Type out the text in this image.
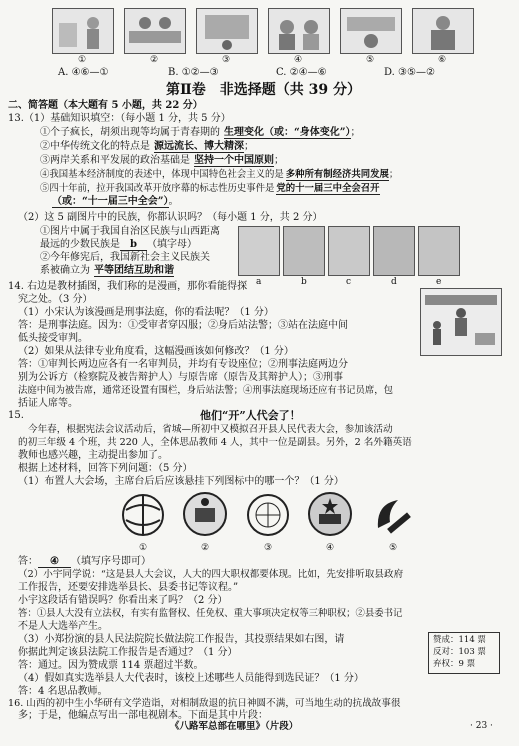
①	②	③	④	⑤	⑥
A. ④⑥—①	B. ①②—③	C. ②④—⑥	D. ③⑤—②
第Ⅱ卷　非选择题（共 39 分）
二、简答题（本大题有 5 小题，共 22 分）
13.（1）基础知识填空：（每小题 1 分，共 5 分）
①个子疯长，胡须出现等均属于青春期的 生理变化（或：“身体变化”）；
②中华传统文化的特点是 源远流长、博大精深；
③两岸关系和平发展的政治基础是 坚持一个中国原则；
④我国基本经济制度的表述中，体现中国特色社会主义的是 多种所有制经济共同发展；
⑤四十年前，拉开我国改革开放序幕的标志性历史事件是 党的十一届三中全会召开
（或：“十一届三中全会”）。
（2）这 5 副图片中的民族，你都认识吗？（每小题 1 分，共 2 分）
①图片中属于我国自治区民族与山西距离
最远的少数民族是 b （填字母）
②今年修宪后，我国新社会主义民族关
系被确立为 平等团结互助和谐
a	b	c	d	e
14. 右边是教材插图，我们称的是漫画，那你看能得探
究之处。（3 分）
（1）小宋认为该漫画是刑事法庭，你的看法呢？（1 分）
答：是刑事法庭。因为：①受审者穿囚服；②身后站法警；③站在法庭中间
低头接受审判。
（2）如果从法律专业角度看，这幅漫画该如何修改？（1 分）
答：①审判长两边应各有一名审判员，并均有专设座位；②刑事法庭两边分
别为公诉方（检察院及被告辩护人）与原告席（原告及其辩护人）；③刑事
法庭中间为被告席，通常还设置有围栏，身后站法警；④刑事法庭现场还应有书记员席，包
括证人席等。
15.	他们“开”人代会了！
今年春，根据宪法会议活动后，省城—所初中又模拟召开县人民代表大会，参加该活动
的初三年级 4 个班，共 220 人，全体思品教师 4 人，其中一位是副县。另外，2 名外籍英语
教师也感兴趣，主动提出参加了。
根据上述材料，回答下列问题：（5 分）
（1）布置人大会场，主席台后后应该悬挂下列图标中的哪一个？（1 分）
①	②	③	④	⑤
答： ④ （填写序号即可）
（2）小宇同学说：“这是县人大会议，人大的四大职权都要体现。比如，先安排听取县政府
工作报告，还要安排选举县长、县委书记等议程。”
小宇这段话有错误吗？你看出来了吗？（2 分）
答：①县人大没有立法权，有实有监督权、任免权、重大事项决定权等三种职权；②县委书记
不是人大选举产生。
（3）小郑扮演的县人民法院院长做法院工作报告，其投票结果如右图，请
你据此判定该县法院工作报告是否通过？（1 分）
答：通过。因为赞成票 114 票超过半数。
赞成：114 票
反对：103 票
弃权：9 票
（4）假如真实选举县人大代表时，该校上述哪些人员能得到选民证？（1 分）
答：4 名思品教师。
16. 山西的初中生小华研有文学造诣，对相制敌退的抗日神圆不满，可当地生动的抗战故事很
多；于是，他编点写出一部电视剧本。下面是其中片段：
《八路军总部在哪里》（片段）	· 23 ·
